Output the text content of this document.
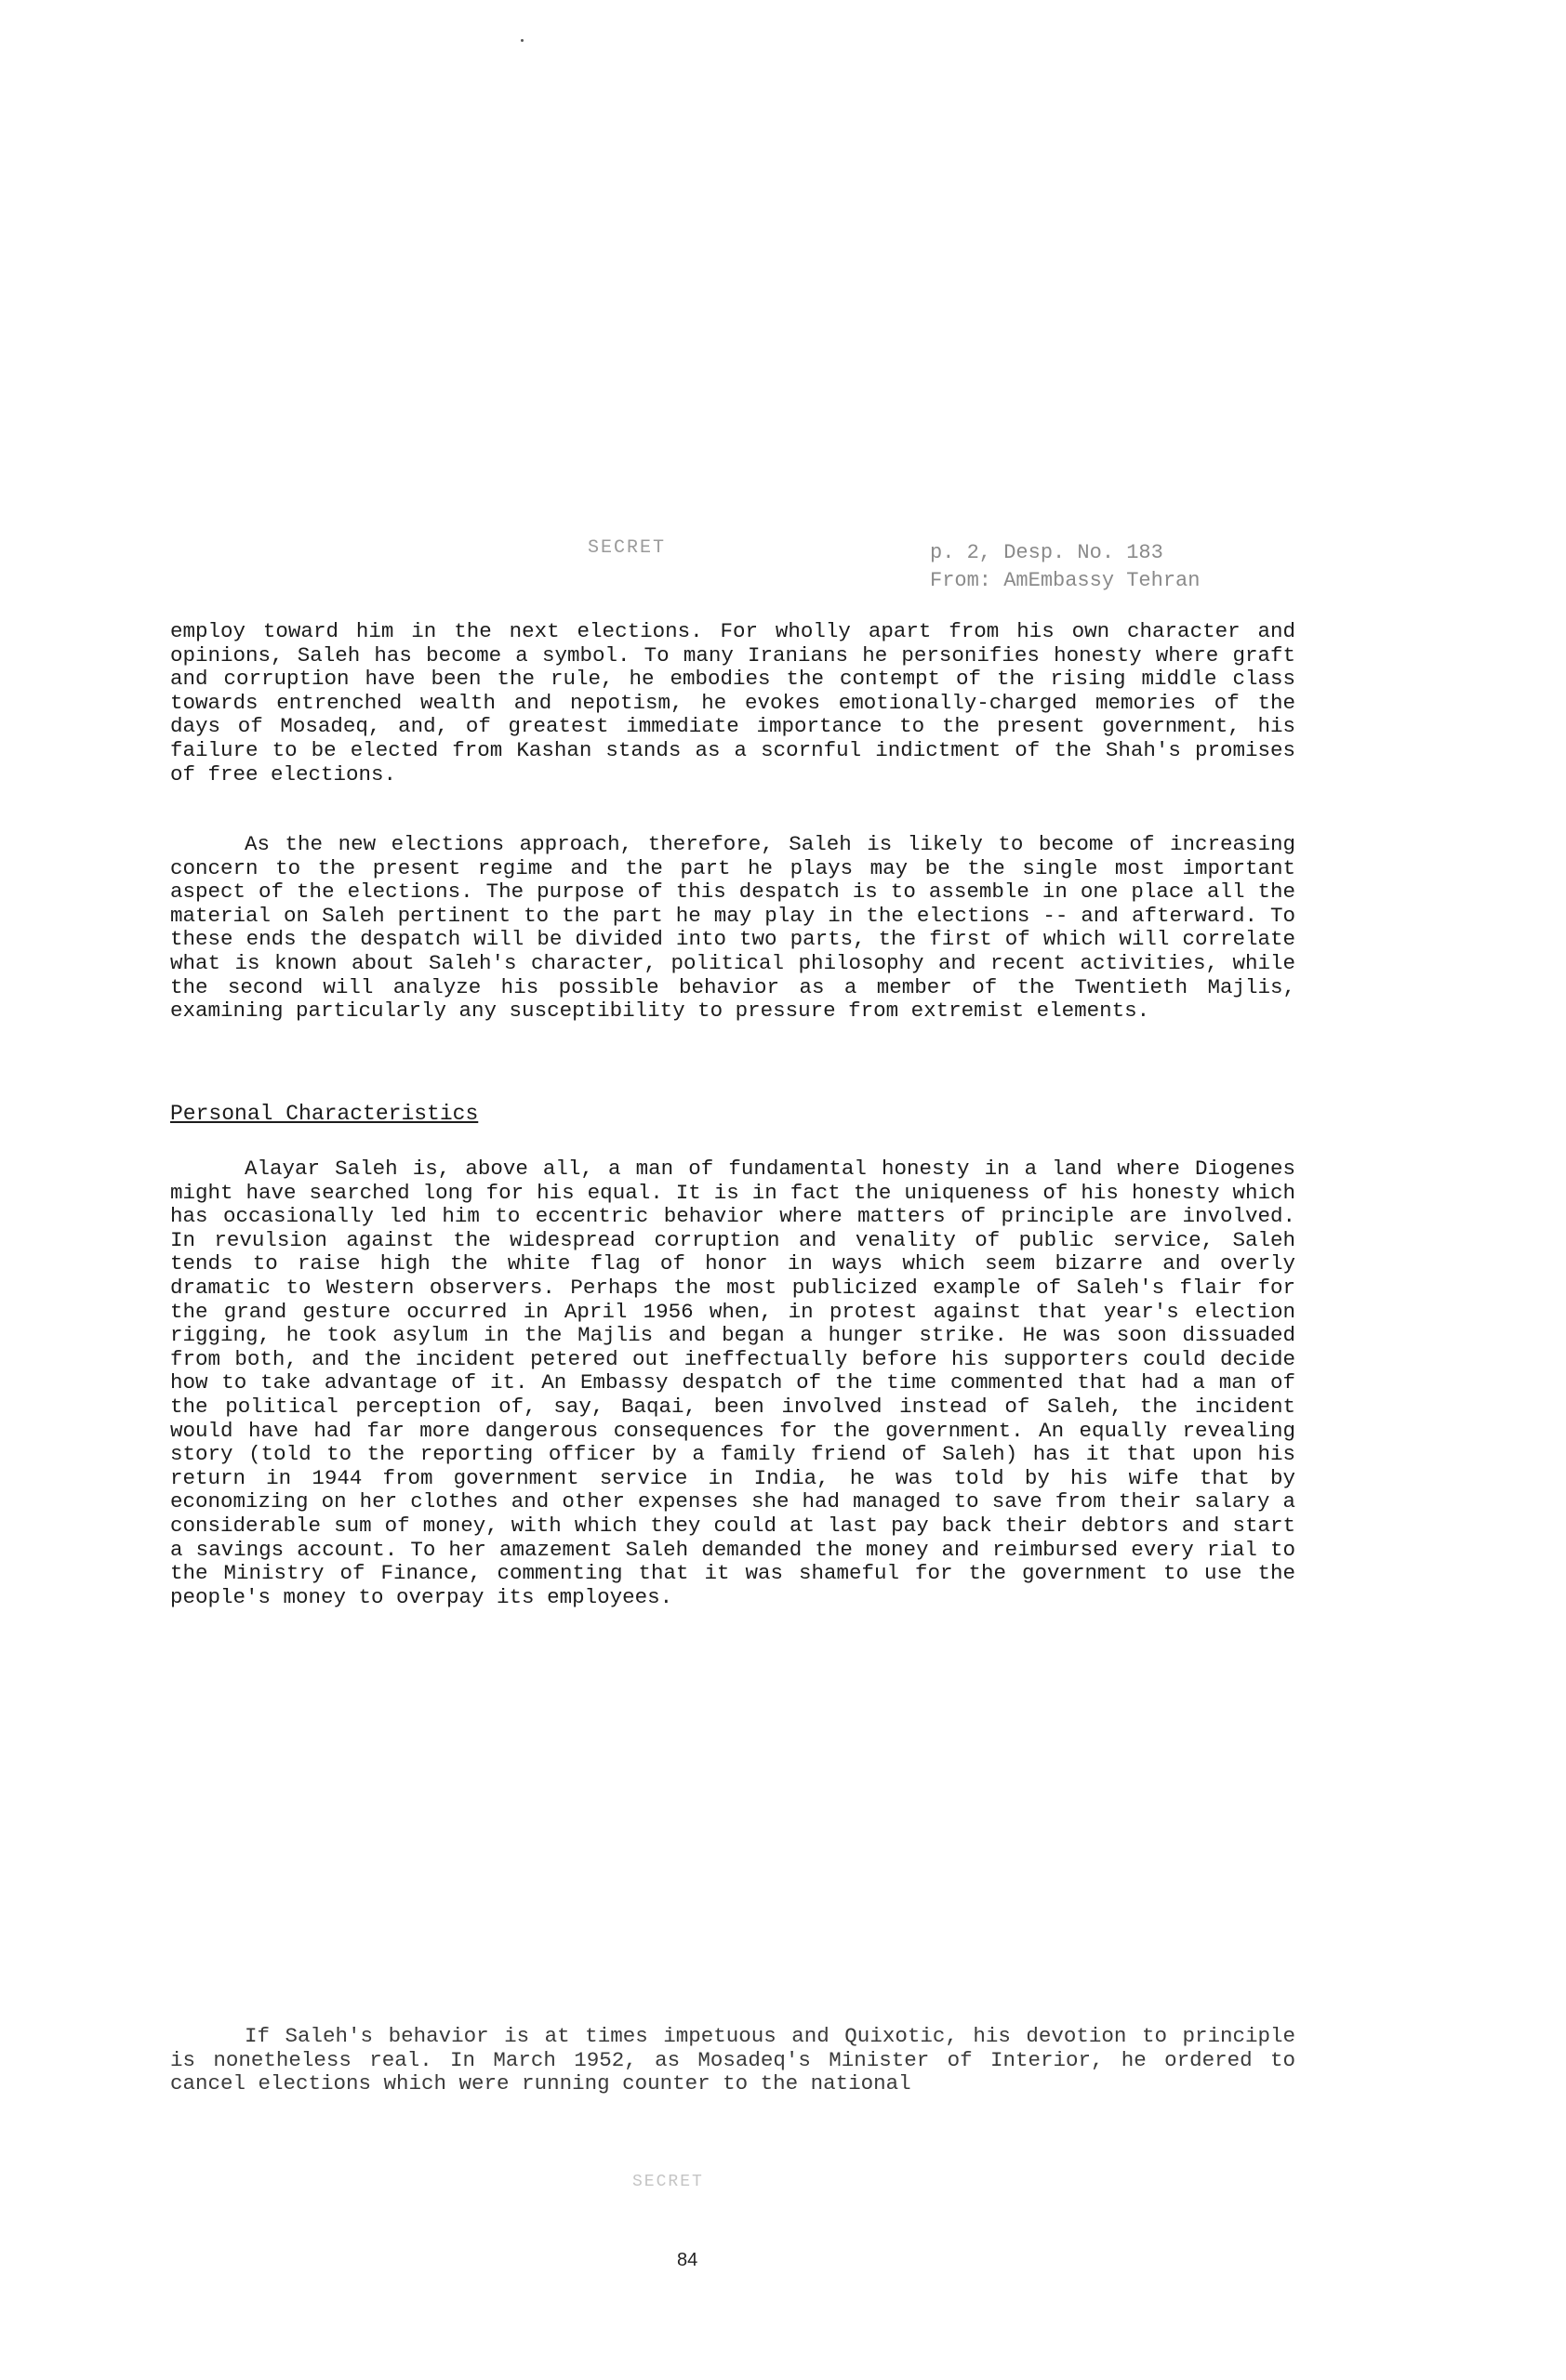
SECRET	p. 2, Desp. No. 183
From: AmEmbassy Tehran

employ toward him in the next elections. For wholly apart from his own character and opinions, Saleh has become a symbol. To many Iranians he personifies honesty where graft and corruption have been the rule, he embodies the contempt of the rising middle class towards entrenched wealth and nepotism, he evokes emotionally-charged memories of the days of Mosadeq, and, of greatest immediate importance to the present government, his failure to be elected from Kashan stands as a scornful indictment of the Shah's promises of free elections.

As the new elections approach, therefore, Saleh is likely to become of increasing concern to the present regime and the part he plays may be the single most important aspect of the elections. The purpose of this despatch is to assemble in one place all the material on Saleh pertinent to the part he may play in the elections -- and afterward. To these ends the despatch will be divided into two parts, the first of which will correlate what is known about Saleh's character, political philosophy and recent activities, while the second will analyze his possible behavior as a member of the Twentieth Majlis, examining particularly any susceptibility to pressure from extremist elements.

Personal Characteristics

Alayar Saleh is, above all, a man of fundamental honesty in a land where Diogenes might have searched long for his equal. It is in fact the uniqueness of his honesty which has occasionally led him to eccentric behavior where matters of principle are involved. In revulsion against the widespread corruption and venality of public service, Saleh tends to raise high the white flag of honor in ways which seem bizarre and overly dramatic to Western observers. Perhaps the most publicized example of Saleh's flair for the grand gesture occurred in April 1956 when, in protest against that year's election rigging, he took asylum in the Majlis and began a hunger strike. He was soon dissuaded from both, and the incident petered out ineffectually before his supporters could decide how to take advantage of it. An Embassy despatch of the time commented that had a man of the political perception of, say, Baqai, been involved instead of Saleh, the incident would have had far more dangerous consequences for the government. An equally revealing story (told to the reporting officer by a family friend of Saleh) has it that upon his return in 1944 from government service in India, he was told by his wife that by economizing on her clothes and other expenses she had managed to save from their salary a considerable sum of money, with which they could at last pay back their debtors and start a savings account. To her amazement Saleh demanded the money and reimbursed every rial to the Ministry of Finance, commenting that it was shameful for the government to use the people's money to overpay its employees.

If Saleh's behavior is at times impetuous and Quixotic, his devotion to principle is nonetheless real. In March 1952, as Mosadeq's Minister of Interior, he ordered to cancel elections which were running counter to the national

SECRET
84
